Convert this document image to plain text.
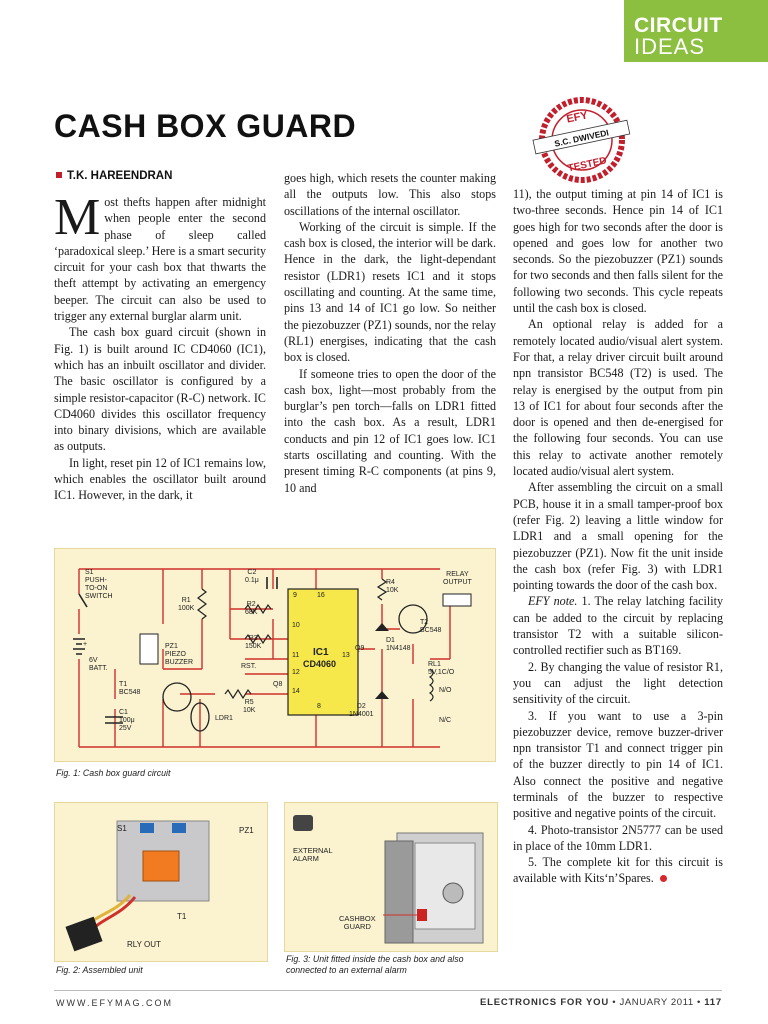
CIRCUIT
IDEAS
CASH BOX GUARD	EFY
S.C. DWIVEDI
TESTED
T.K. HAREENDRAN

Most thefts happen after midnight when people enter the second phase of sleep called ‘paradoxical sleep.’ Here is a smart security circuit for your cash box that thwarts the theft attempt by activating an emergency beeper. The circuit can also be used to trigger any external burglar alarm unit.

The cash box guard circuit (shown in Fig. 1) is built around IC CD4060 (IC1), which has an inbuilt oscillator and divider. The basic oscillator is configured by a simple resistor-capacitor (R-C) network. IC CD4060 divides this oscillator frequency into binary divisions, which are available as outputs.

In light, reset pin 12 of IC1 remains low, which enables the oscillator built around IC1. However, in the dark, it

goes high, which resets the counter making all the outputs low. This also stops oscillations of the internal oscillator.

Working of the circuit is simple. If the cash box is closed, the interior will be dark. Hence in the dark, the light-dependant resistor (LDR1) resets IC1 and it stops oscillating and counting. At the same time, pins 13 and 14 of IC1 go low. So neither the piezobuzzer (PZ1) sounds, nor the relay (RL1) energises, indicating that the cash box is closed.

If someone tries to open the door of the cash box, light—most probably from the burglar’s pen torch—falls on LDR1 fitted into the cash box. As a result, LDR1 conducts and pin 12 of IC1 goes low. IC1 starts oscillating and counting. With the present timing R-C components (at pins 9, 10 and

11), the output timing at pin 14 of IC1 is two-three seconds. Hence pin 14 of IC1 goes high for two seconds after the door is opened and goes low for another two seconds. So the piezobuzzer (PZ1) sounds for two seconds and then falls silent for the following two seconds. This cycle repeats until the cash box is closed.

An optional relay is added for a remotely located audio/visual alert system. For that, a relay driver circuit built around npn transistor BC548 (T2) is used. The relay is energised by the output from pin 13 of IC1 for about four seconds after the door is opened and then de-energised for the following four seconds. You can use this relay to activate another remotely located audio/visual alert system.

After assembling the circuit on a small PCB, house it in a small tamper-proof box (refer Fig. 2) leaving a little window for LDR1 and a small opening for the piezobuzzer (PZ1). Now fit the unit inside the cash box (refer Fig. 3) with LDR1 pointing towards the door of the cash box.

EFY note. 1. The relay latching facility can be added to the circuit by replacing transistor T2 with a suitable silicon-controlled rectifier such as BT169.

2. By changing the value of resistor R1, you can adjust the light detection sensitivity of the circuit.

3. If you want to use a 3-pin piezobuzzer device, remove buzzer-driver npn transistor T1 and connect trigger pin of the buzzer directly to pin 14 of IC1. Also connect the positive and negative terminals of the buzzer to respective positive and negative points of the circuit.

4. Photo-transistor 2N5777 can be used in place of the 10mm LDR1.

5. The complete kit for this circuit is available with Kits‘n’Spares.

S1
PUSH-
TO-ON
SWITCH
R1
100K
C2
0.1μ
R2
68K
R3
150K
RST.
9	16
10
11
12
14
8
13
IC1
CD4060
Q9
Q8
R4
10K
D1
1N4148
T2
BC548
RELAY
OUTPUT
RL1
5V,1C/O
N/O
N/C
D2
1N4001
PZ1
PIEZO
BUZZER
6V
BATT.
T1
BC548
C1
100μ
25V
R5
10K
LDR1
+
Fig. 1: Cash box guard circuit
S1	PZ1
T1
RLY OUT
Fig. 2: Assembled unit
EXTERNAL
ALARM
CASHBOX
GUARD
Fig. 3: Unit fitted inside the cash box and also connected to an external alarm
WWW.EFYMAG.COM	ELECTRONICS FOR YOU • JANUARY 2011 • 117
